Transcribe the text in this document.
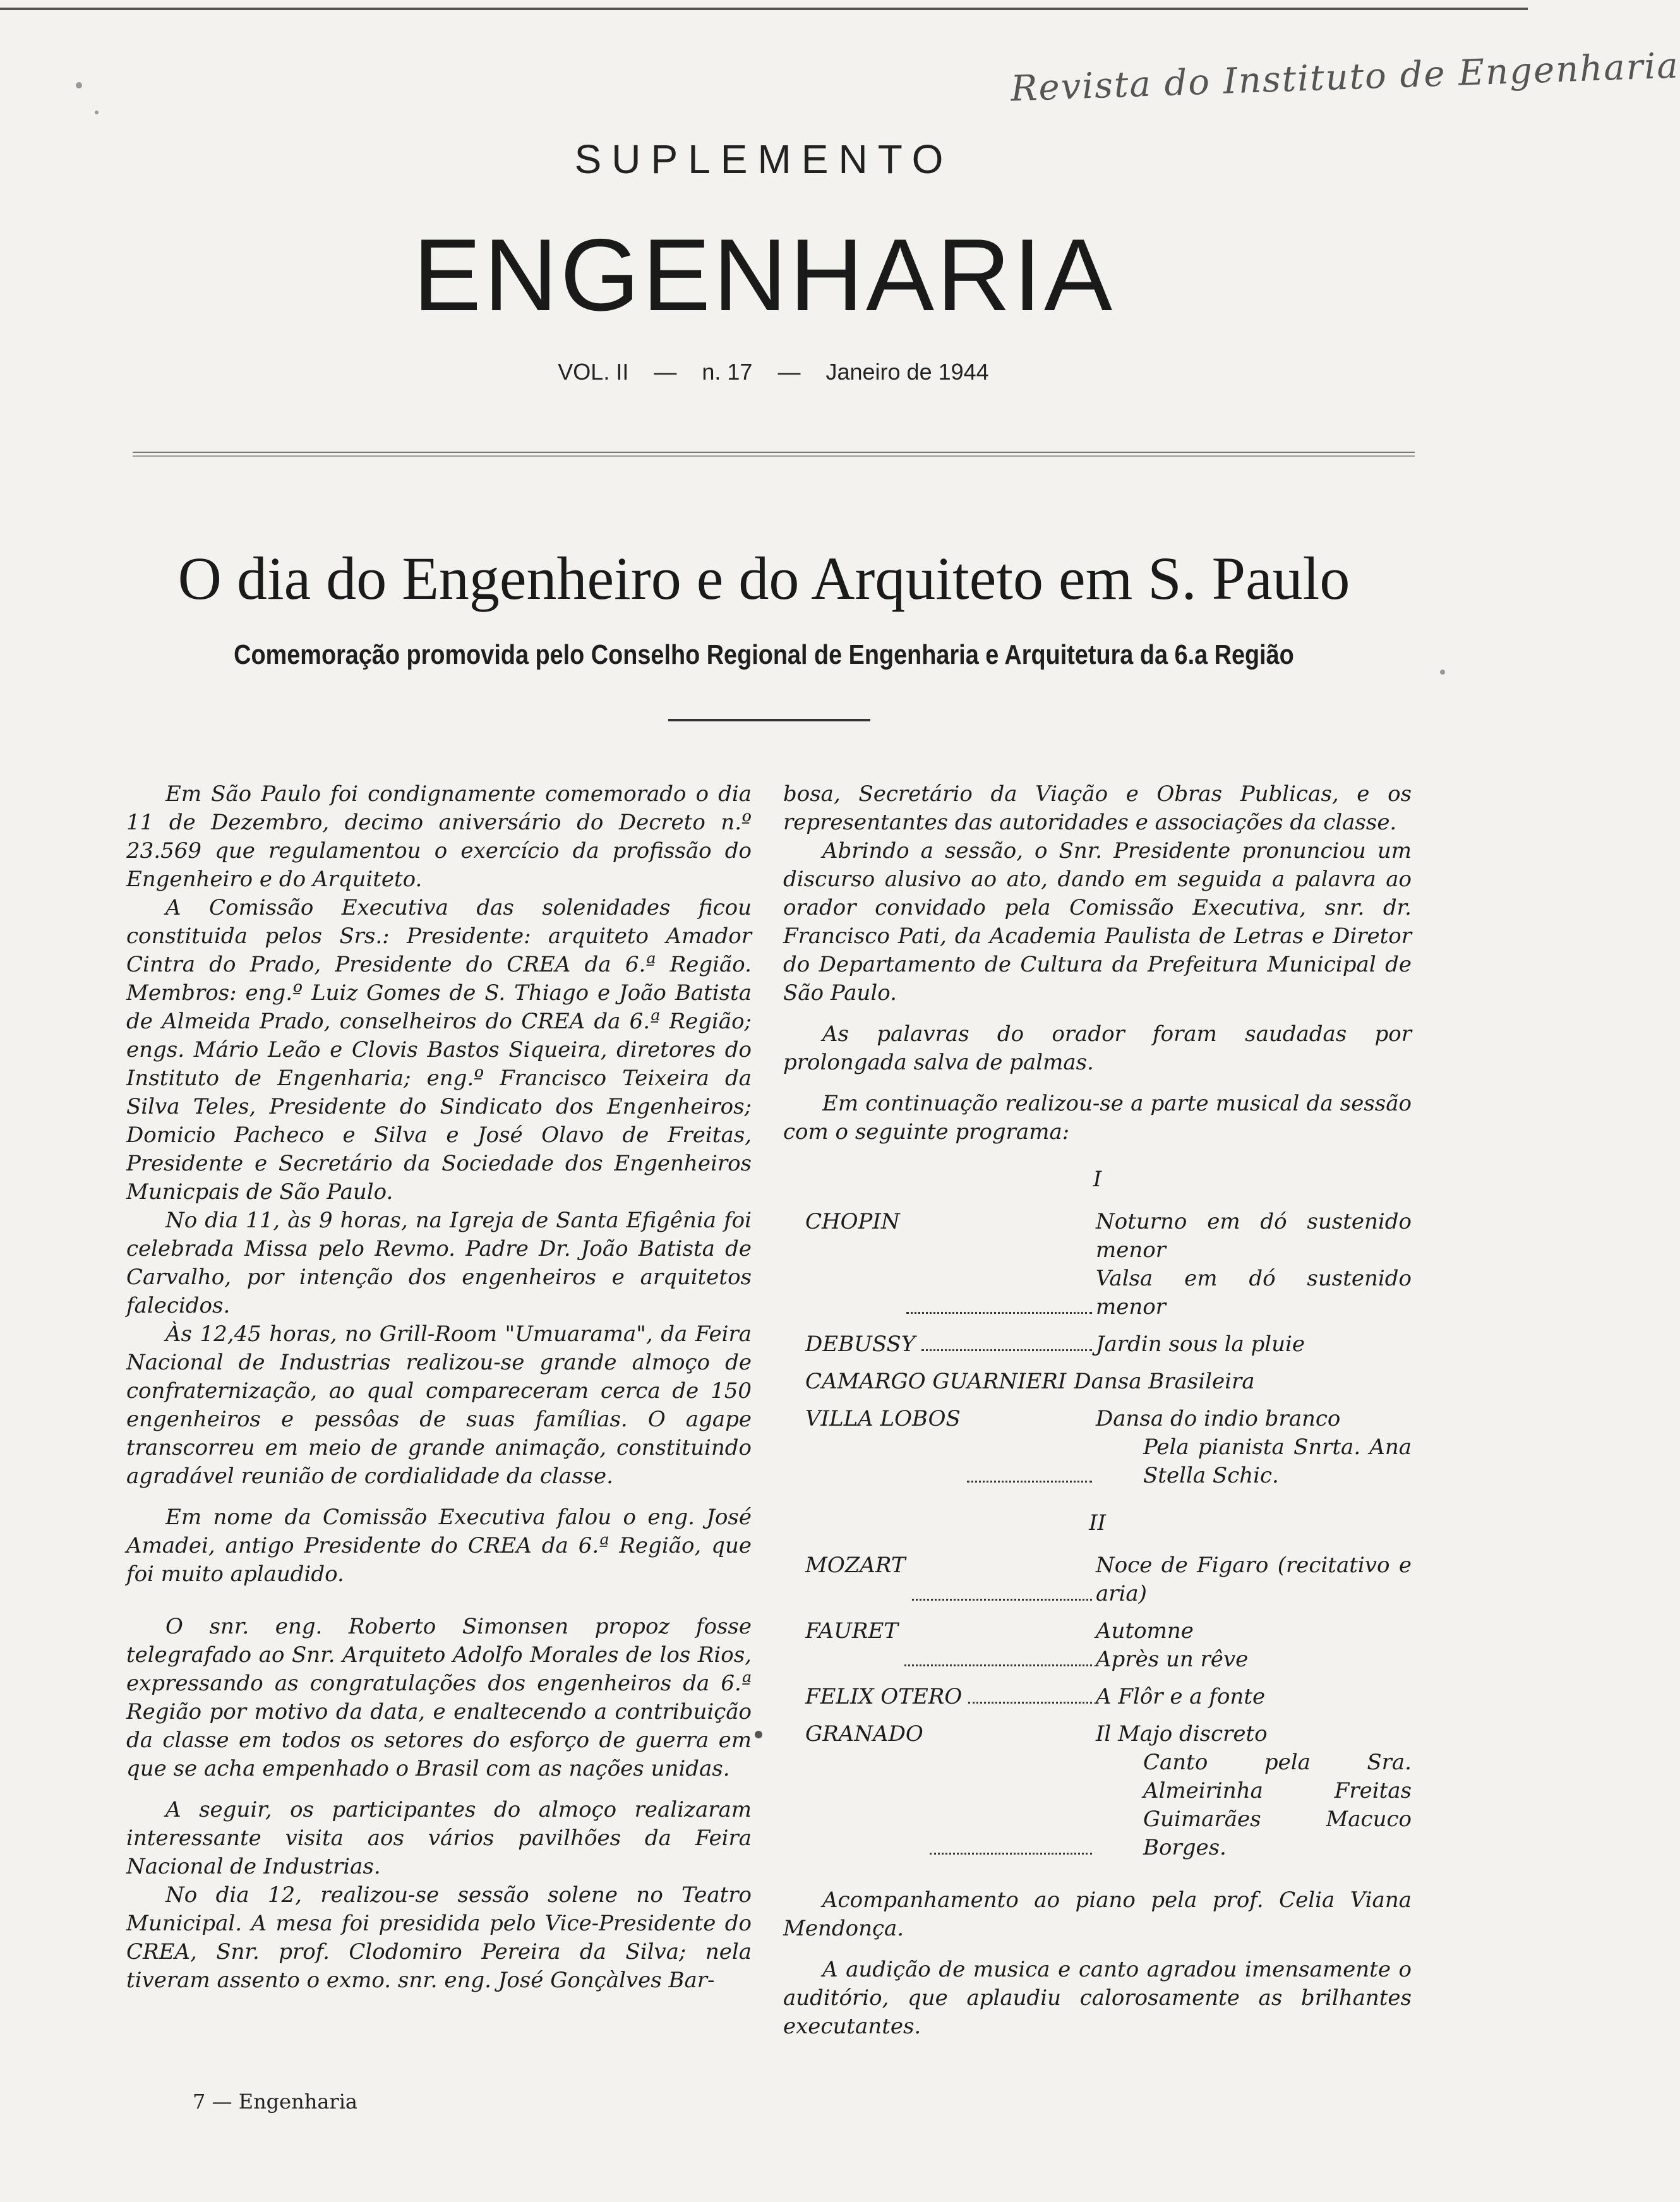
Revista do Instituto de Engenharia
SUPLEMENTO
ENGENHARIA
VOL. II — n. 17 — Janeiro de 1944
O dia do Engenheiro e do Arquiteto em S. Paulo
Comemoração promovida pelo Conselho Regional de Engenharia e Arquitetura da 6.a Região

Em São Paulo foi condignamente comemorado o dia 11 de Dezembro, decimo aniversário do Decreto n.º 23.569 que regulamentou o exercício da profissão do Engenheiro e do Arquiteto.

A Comissão Executiva das solenidades ficou constituida pelos Srs.: Presidente: arquiteto Amador Cintra do Prado, Presidente do CREA da 6.ª Região. Membros: eng.º Luiz Gomes de S. Thiago e João Batista de Almeida Prado, conselheiros do CREA da 6.ª Região; engs. Mário Leão e Clovis Bastos Siqueira, diretores do Instituto de Engenharia; eng.º Francisco Teixeira da Silva Teles, Presidente do Sindicato dos Engenheiros; Domicio Pacheco e Silva e José Olavo de Freitas, Presidente e Secretário da Sociedade dos Engenheiros Municpais de São Paulo.

No dia 11, às 9 horas, na Igreja de Santa Efigênia foi celebrada Missa pelo Revmo. Padre Dr. João Batista de Carvalho, por intenção dos engenheiros e arquitetos falecidos.

Às 12,45 horas, no Grill-Room "Umuarama", da Feira Nacional de Industrias realizou-se grande almoço de confraternização, ao qual compareceram cerca de 150 engenheiros e pessôas de suas famílias. O agape transcorreu em meio de grande animação, constituindo agradável reunião de cordialidade da classe.

Em nome da Comissão Executiva falou o eng. José Amadei, antigo Presidente do CREA da 6.ª Região, que foi muito aplaudido.

O snr. eng. Roberto Simonsen propoz fosse telegrafado ao Snr. Arquiteto Adolfo Morales de los Rios, expressando as congratulações dos engenheiros da 6.ª Região por motivo da data, e enaltecendo a contribuição da classe em todos os setores do esforço de guerra em que se acha empenhado o Brasil com as nações unidas.

A seguir, os participantes do almoço realizaram interessante visita aos vários pavilhões da Feira Nacional de Industrias.

No dia 12, realizou-se sessão solene no Teatro Municipal. A mesa foi presidida pelo Vice-Presidente do CREA, Snr. prof. Clodomiro Pereira da Silva; nela tiveram assento o exmo. snr. eng. José Gonçàlves Bar-

bosa, Secretário da Viação e Obras Publicas, e os representantes das autoridades e associações da classe.

Abrindo a sessão, o Snr. Presidente pronunciou um discurso alusivo ao ato, dando em seguida a palavra ao orador convidado pela Comissão Executiva, snr. dr. Francisco Pati, da Academia Paulista de Letras e Diretor do Departamento de Cultura da Prefeitura Municipal de São Paulo.

As palavras do orador foram saudadas por prolongada salva de palmas.

Em continuação realizou-se a parte musical da sessão com o seguinte programa:

I
CHOPIN	Noturno em dó sustenido menor
Valsa em dó sustenido menor
DEBUSSY	Jardin sous la pluie
CAMARGO GUARNIERI Dansa Brasileira
VILLA LOBOS	Dansa do indio branco
Pela pianista Snrta. Ana Stella Schic.
II
MOZART	Noce de Figaro (recitativo e aria)
FAURET	Automne
Après un rêve
FELIX OTERO	A Flôr e a fonte
GRANADO	Il Majo discreto
Canto pela Sra. Almeirinha Freitas Guimarães Macuco Borges.

Acompanhamento ao piano pela prof. Celia Viana Mendonça.

A audição de musica e canto agradou imensamente o auditório, que aplaudiu calorosamente as brilhantes executantes.

7 — Engenharia
